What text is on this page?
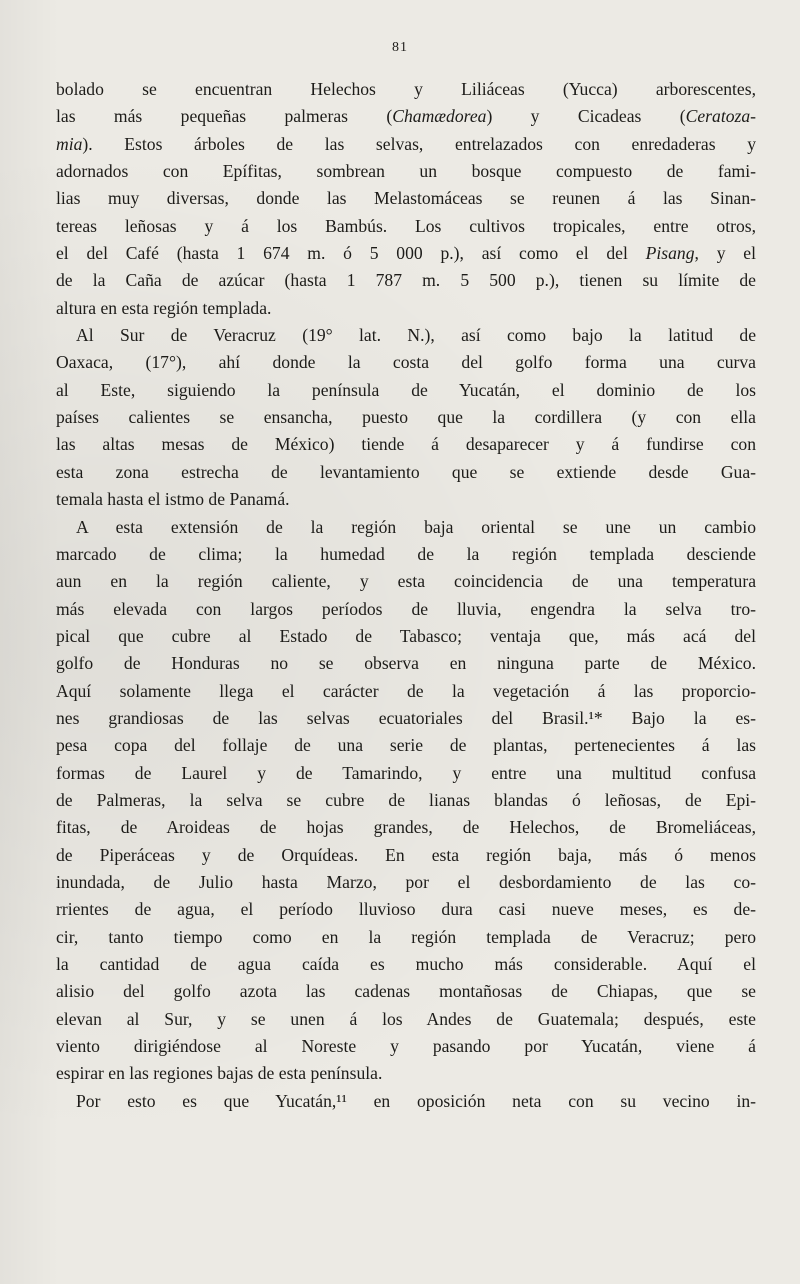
81
bolado se encuentran Helechos y Liliáceas (Yucca) arborescentes,
las más pequeñas palmeras (Chamædorea) y Cicadeas (Ceratoza-
mia). Estos árboles de las selvas, entrelazados con enredaderas y
adornados con Epífitas, sombrean un bosque compuesto de fami-
lias muy diversas, donde las Melastomáceas se reunen á las Sinan-
tereas leñosas y á los Bambús. Los cultivos tropicales, entre otros,
el del Café (hasta 1 674 m. ó 5 000 p.), así como el del Pisang, y el
de la Caña de azúcar (hasta 1 787 m. 5 500 p.), tienen su límite de
altura en esta región templada.
Al Sur de Veracruz (19° lat. N.), así como bajo la latitud de
Oaxaca, (17°), ahí donde la costa del golfo forma una curva
al Este, siguiendo la península de Yucatán, el dominio de los
países calientes se ensancha, puesto que la cordillera (y con ella
las altas mesas de México) tiende á desaparecer y á fundirse con
esta zona estrecha de levantamiento que se extiende desde Gua-
temala hasta el istmo de Panamá.
A esta extensión de la región baja oriental se une un cambio
marcado de clima; la humedad de la región templada desciende
aun en la región caliente, y esta coincidencia de una temperatura
más elevada con largos períodos de lluvia, engendra la selva tro-
pical que cubre al Estado de Tabasco; ventaja que, más acá del
golfo de Honduras no se observa en ninguna parte de México.
Aquí solamente llega el carácter de la vegetación á las proporcio-
nes grandiosas de las selvas ecuatoriales del Brasil.¹* Bajo la es-
pesa copa del follaje de una serie de plantas, pertenecientes á las
formas de Laurel y de Tamarindo, y entre una multitud confusa
de Palmeras, la selva se cubre de lianas blandas ó leñosas, de Epi-
fitas, de Aroideas de hojas grandes, de Helechos, de Bromeliáceas,
de Piperáceas y de Orquídeas. En esta región baja, más ó menos
inundada, de Julio hasta Marzo, por el desbordamiento de las co-
rrientes de agua, el período lluvioso dura casi nueve meses, es de-
cir, tanto tiempo como en la región templada de Veracruz; pero
la cantidad de agua caída es mucho más considerable. Aquí el
alisio del golfo azota las cadenas montañosas de Chiapas, que se
elevan al Sur, y se unen á los Andes de Guatemala; después, este
viento dirigiéndose al Noreste y pasando por Yucatán, viene á
espirar en las regiones bajas de esta península.
Por esto es que Yucatán,¹¹ en oposición neta con su vecino in-
